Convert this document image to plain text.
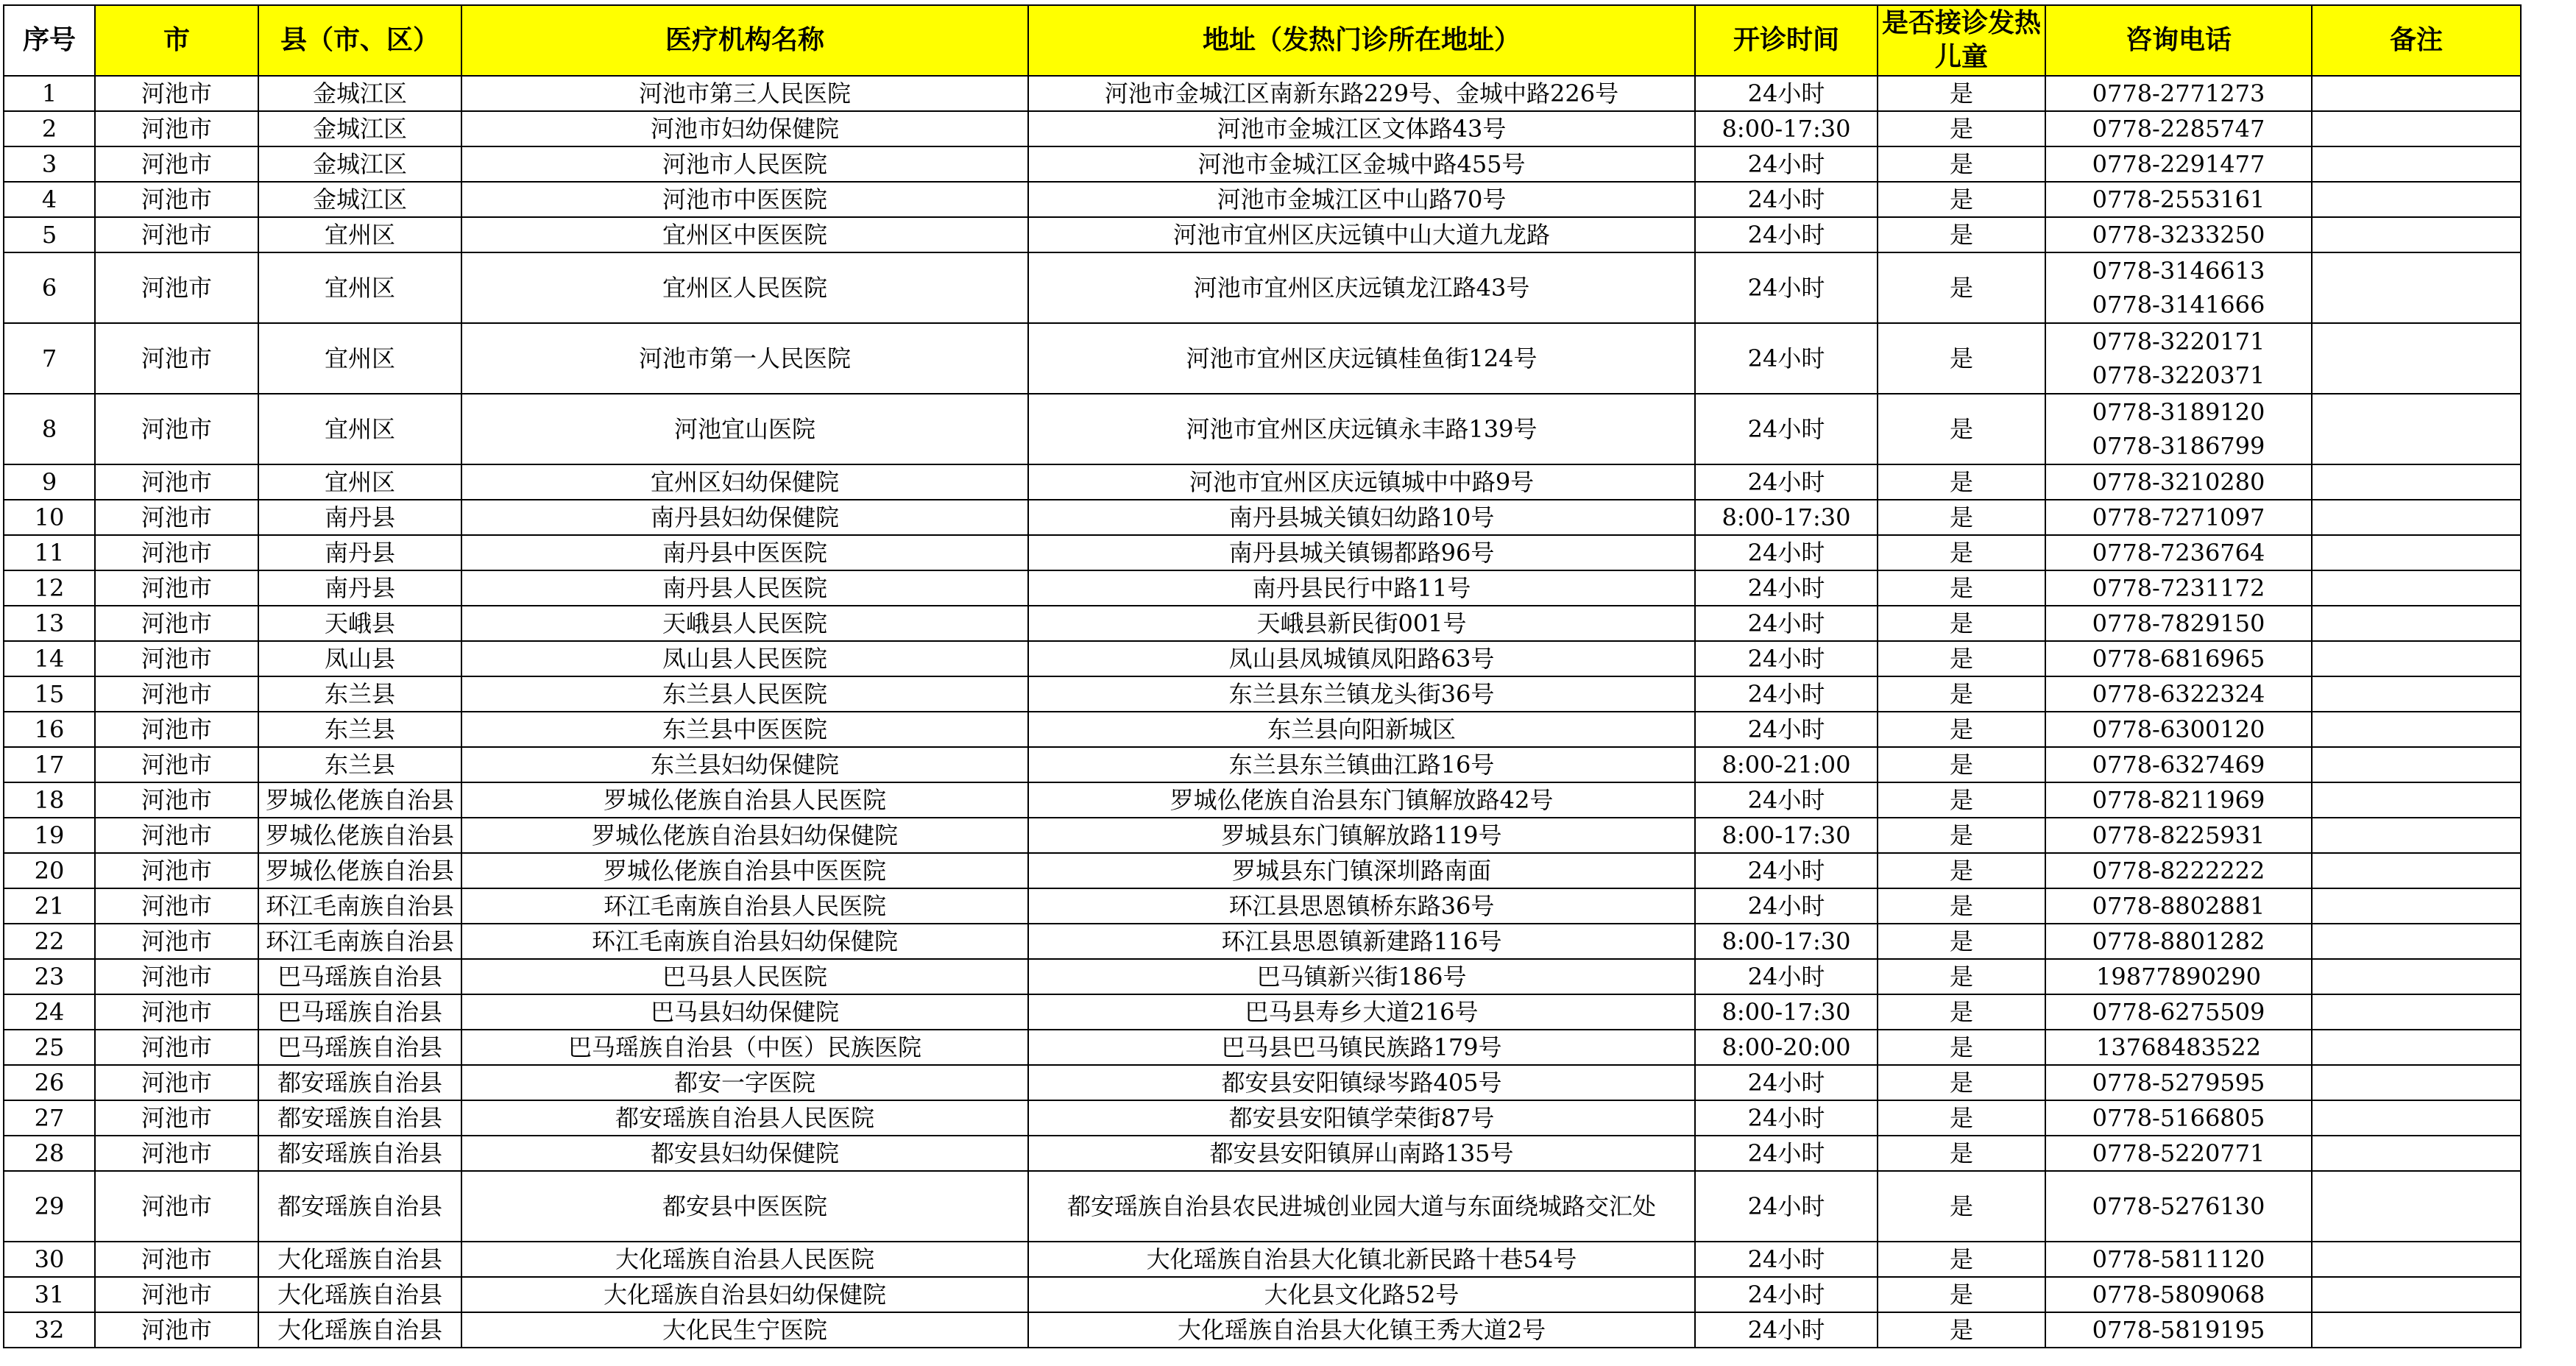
序号	市	县（市、区）	医疗机构名称	地址（发热门诊所在地址）	开诊时间	是否接诊发热儿童	咨询电话	备注
1	河池市	金城江区	河池市第三人民医院	河池市金城江区南新东路229号、金城中路226号	24小时	是	0778-2771273	

2	河池市	金城江区	河池市妇幼保健院	河池市金城江区文体路43号	8:00-17:30	是	0778-2285747	

3	河池市	金城江区	河池市人民医院	河池市金城江区金城中路455号	24小时	是	0778-2291477	

4	河池市	金城江区	河池市中医医院	河池市金城江区中山路70号	24小时	是	0778-2553161	

5	河池市	宜州区	宜州区中医医院	河池市宜州区庆远镇中山大道九龙路	24小时	是	0778-3233250	

6	河池市	宜州区	宜州区人民医院	河池市宜州区庆远镇龙江路43号	24小时	是	0778-3146613
0778-3141666	

7	河池市	宜州区	河池市第一人民医院	河池市宜州区庆远镇桂鱼街124号	24小时	是	0778-3220171
0778-3220371	

8	河池市	宜州区	河池宜山医院	河池市宜州区庆远镇永丰路139号	24小时	是	0778-3189120
0778-3186799	

9	河池市	宜州区	宜州区妇幼保健院	河池市宜州区庆远镇城中中路9号	24小时	是	0778-3210280	

10	河池市	南丹县	南丹县妇幼保健院	南丹县城关镇妇幼路10号	8:00-17:30	是	0778-7271097	

11	河池市	南丹县	南丹县中医医院	南丹县城关镇锡都路96号	24小时	是	0778-7236764	

12	河池市	南丹县	南丹县人民医院	南丹县民行中路11号	24小时	是	0778-7231172	

13	河池市	天峨县	天峨县人民医院	天峨县新民街001号	24小时	是	0778-7829150	

14	河池市	凤山县	凤山县人民医院	凤山县凤城镇凤阳路63号	24小时	是	0778-6816965	

15	河池市	东兰县	东兰县人民医院	东兰县东兰镇龙头街36号	24小时	是	0778-6322324	

16	河池市	东兰县	东兰县中医医院	东兰县向阳新城区	24小时	是	0778-6300120	

17	河池市	东兰县	东兰县妇幼保健院	东兰县东兰镇曲江路16号	8:00-21:00	是	0778-6327469	

18	河池市	罗城仫佬族自治县	罗城仫佬族自治县人民医院	罗城仫佬族自治县东门镇解放路42号	24小时	是	0778-8211969	

19	河池市	罗城仫佬族自治县	罗城仫佬族自治县妇幼保健院	罗城县东门镇解放路119号	8:00-17:30	是	0778-8225931	

20	河池市	罗城仫佬族自治县	罗城仫佬族自治县中医医院	罗城县东门镇深圳路南面	24小时	是	0778-8222222	

21	河池市	环江毛南族自治县	环江毛南族自治县人民医院	环江县思恩镇桥东路36号	24小时	是	0778-8802881	

22	河池市	环江毛南族自治县	环江毛南族自治县妇幼保健院	环江县思恩镇新建路116号	8:00-17:30	是	0778-8801282	

23	河池市	巴马瑶族自治县	巴马县人民医院	巴马镇新兴街186号	24小时	是	19877890290	

24	河池市	巴马瑶族自治县	巴马县妇幼保健院	巴马县寿乡大道216号	8:00-17:30	是	0778-6275509	

25	河池市	巴马瑶族自治县	巴马瑶族自治县（中医）民族医院	巴马县巴马镇民族路179号	8:00-20:00	是	13768483522	

26	河池市	都安瑶族自治县	都安一字医院	都安县安阳镇绿岑路405号	24小时	是	0778-5279595	

27	河池市	都安瑶族自治县	都安瑶族自治县人民医院	都安县安阳镇学荣街87号	24小时	是	0778-5166805	

28	河池市	都安瑶族自治县	都安县妇幼保健院	都安县安阳镇屏山南路135号	24小时	是	0778-5220771	

29	河池市	都安瑶族自治县	都安县中医医院	都安瑶族自治县农民进城创业园大道与东面绕城路交汇处	24小时	是	0778-5276130	

30	河池市	大化瑶族自治县	大化瑶族自治县人民医院	大化瑶族自治县大化镇北新民路十巷54号	24小时	是	0778-5811120	

31	河池市	大化瑶族自治县	大化瑶族自治县妇幼保健院	大化县文化路52号	24小时	是	0778-5809068	

32	河池市	大化瑶族自治县	大化民生宁医院	大化瑶族自治县大化镇王秀大道2号	24小时	是	0778-5819195	
